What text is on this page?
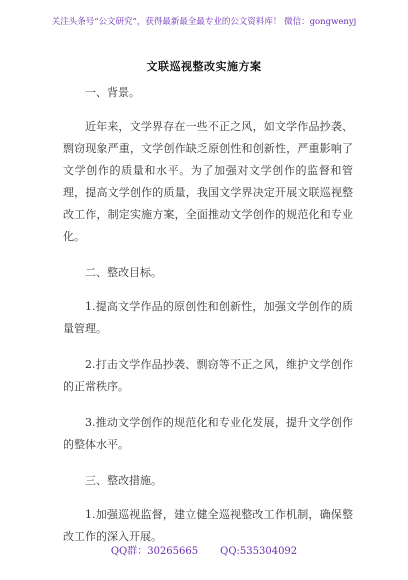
关注头条号“公文研究”，获得最新最全最专业的公文资料库！ 微信：gongwenyj
文联巡视整改实施方案

一、背景。

近年来，文学界存在一些不正之风，如文学作品抄袭、剽窃现象严重，文学创作缺乏原创性和创新性，严重影响了文学创作的质量和水平。为了加强对文学创作的监督和管理，提高文学创作的质量，我国文学界决定开展文联巡视整改工作，制定实施方案，全面推动文学创作的规范化和专业化。

二、整改目标。

1.提高文学作品的原创性和创新性，加强文学创作的质量管理。

2.打击文学作品抄袭、剽窃等不正之风，维护文学创作的正常秩序。

3.推动文学创作的规范化和专业化发展，提升文学创作的整体水平。

三、整改措施。

1.加强巡视监督，建立健全巡视整改工作机制，确保整改工作的深入开展。

QQ群：30265665 QQ:535304092
